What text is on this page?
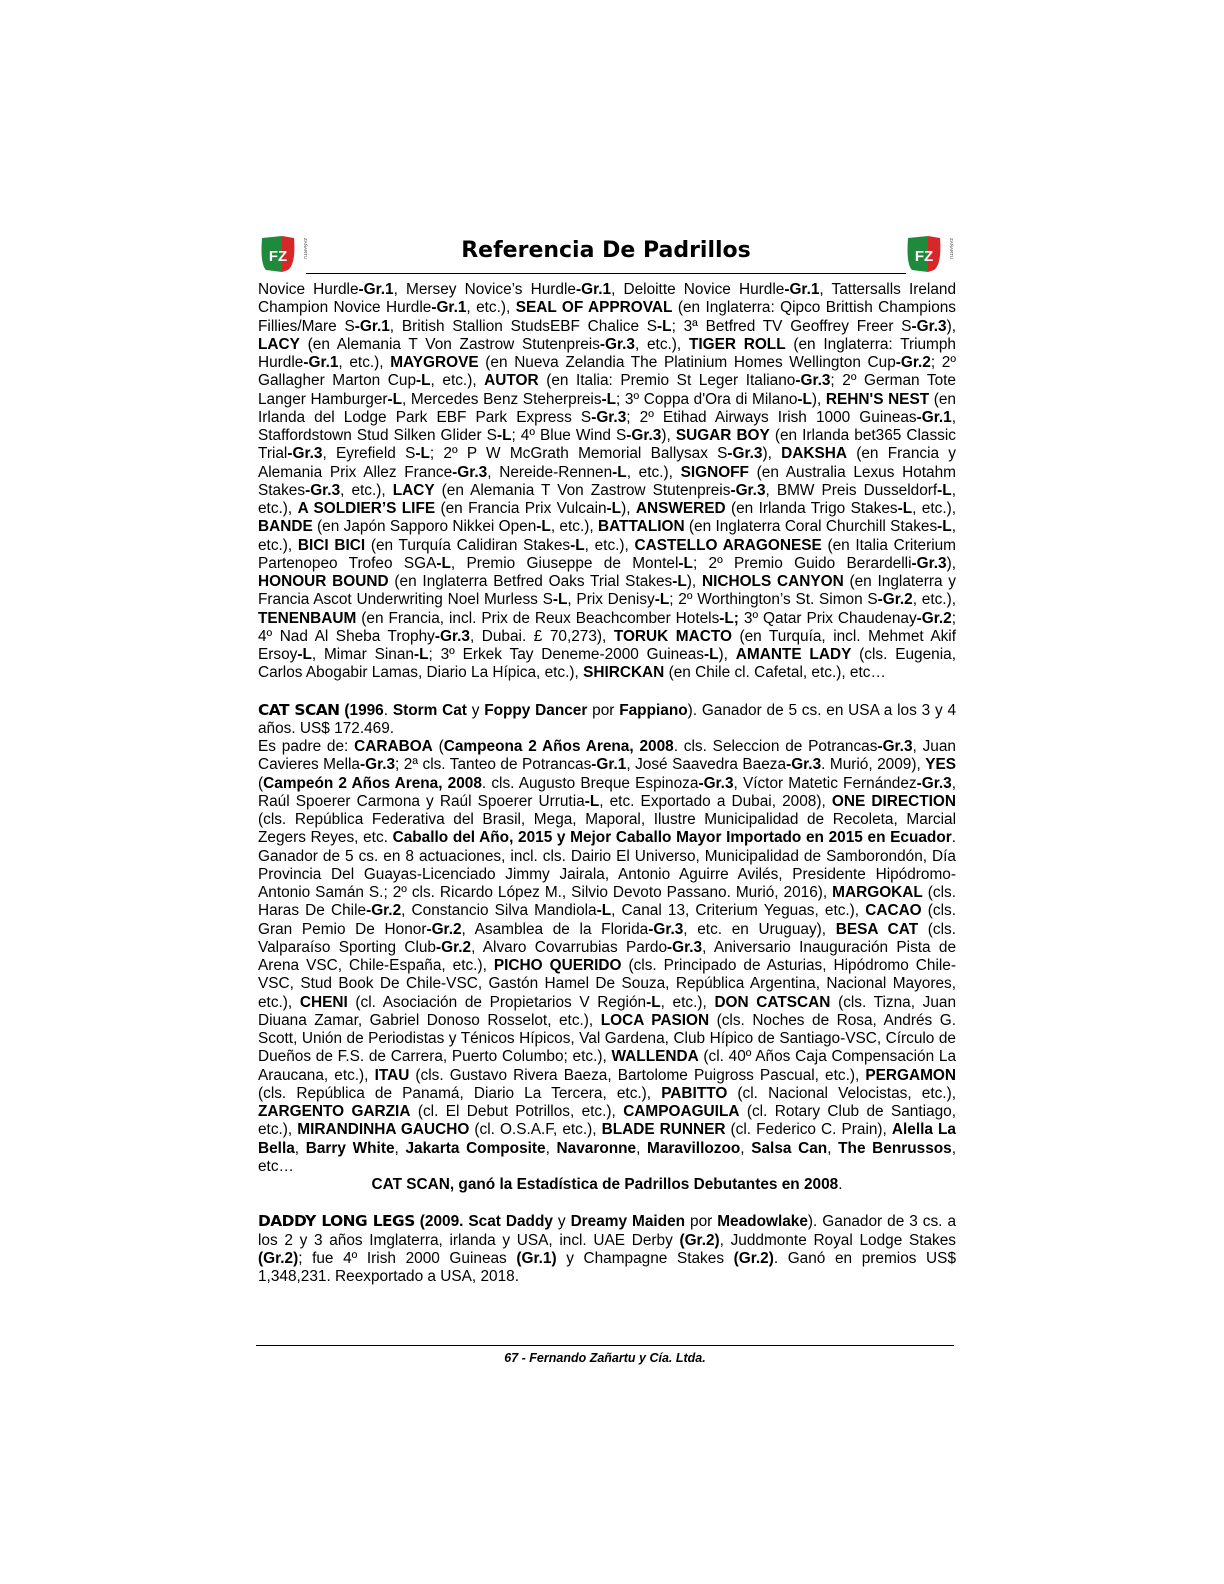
FZ	ZAÑARTU	Referencia De Padrillos	FZ	ZAÑARTU

Novice Hurdle-Gr.1, Mersey Novice’s Hurdle-Gr.1, Deloitte Novice Hurdle-Gr.1, Tattersalls Ireland Champion Novice Hurdle-Gr.1, etc.), SEAL OF APPROVAL (en Inglaterra: Qipco Brittish Champions Fillies/Mare S-Gr.1, British Stallion StudsEBF Chalice S-L; 3ª Betfred TV Geoffrey Freer S-Gr.3), LACY (en Alemania T Von Zastrow Stutenpreis-Gr.3, etc.), TIGER ROLL (en Inglaterra: Triumph Hurdle-Gr.1, etc.), MAYGROVE (en Nueva Zelandia The Platinium Homes Wellington Cup-Gr.2; 2º Gallagher Marton Cup-L, etc.), AUTOR (en Italia: Premio St Leger Italiano-Gr.3; 2º German Tote Langer Hamburger-L, Mercedes Benz Steherpreis-L; 3º Coppa d'Ora di Milano-L), REHN'S NEST (en Irlanda del Lodge Park EBF Park Express S-Gr.3; 2º Etihad Airways Irish 1000 Guineas-Gr.1, Staffordstown Stud Silken Glider S-L; 4º Blue Wind S-Gr.3), SUGAR BOY (en Irlanda bet365 Classic Trial-Gr.3, Eyrefield S-L; 2º P W McGrath Memorial Ballysax S-Gr.3), DAKSHA (en Francia y Alemania Prix Allez France-Gr.3, Nereide-Rennen-L, etc.), SIGNOFF (en Australia Lexus Hotahm Stakes-Gr.3, etc.), LACY (en Alemania T Von Zastrow Stutenpreis-Gr.3, BMW Preis Dusseldorf-L, etc.), A SOLDIER’S LIFE (en Francia Prix Vulcain-L), ANSWERED (en Irlanda Trigo Stakes-L, etc.), BANDE (en Japón Sapporo Nikkei Open-L, etc.), BATTALION (en Inglaterra Coral Churchill Stakes-L, etc.), BICI BICI (en Turquía Calidiran Stakes-L, etc.), CASTELLO ARAGONESE (en Italia Criterium Partenopeo Trofeo SGA-L, Premio Giuseppe de Montel-L; 2º Premio Guido Berardelli-Gr.3), HONOUR BOUND (en Inglaterra Betfred Oaks Trial Stakes-L), NICHOLS CANYON (en Inglaterra y Francia Ascot Underwriting Noel Murless S-L, Prix Denisy-L; 2º Worthington’s St. Simon S-Gr.2, etc.), TENENBAUM (en Francia, incl. Prix de Reux Beachcomber Hotels-L; 3º Qatar Prix Chaudenay-Gr.2; 4º Nad Al Sheba Trophy-Gr.3, Dubai. £ 70,273), TORUK MACTO (en Turquía, incl. Mehmet Akif Ersoy-L, Mimar Sinan-L; 3º Erkek Tay Deneme-2000 Guineas-L), AMANTE LADY (cls. Eugenia, Carlos Abogabir Lamas, Diario La Hípica, etc.), SHIRCKAN (en Chile cl. Cafetal, etc.), etc…

CAT SCAN (1996. Storm Cat y Foppy Dancer por Fappiano). Ganador de 5 cs. en USA a los 3 y 4 años. US$ 172.469.

Es padre de: CARABOA (Campeona 2 Años Arena, 2008. cls. Seleccion de Potrancas-Gr.3, Juan Cavieres Mella-Gr.3; 2ª cls. Tanteo de Potrancas-Gr.1, José Saavedra Baeza-Gr.3. Murió, 2009), YES (Campeón 2 Años Arena, 2008. cls. Augusto Breque Espinoza-Gr.3, Víctor Matetic Fernández-Gr.3, Raúl Spoerer Carmona y Raúl Spoerer Urrutia-L, etc. Exportado a Dubai, 2008), ONE DIRECTION (cls. República Federativa del Brasil, Mega, Maporal, Ilustre Municipalidad de Recoleta, Marcial Zegers Reyes, etc. Caballo del Año, 2015 y Mejor Caballo Mayor Importado en 2015 en Ecuador. Ganador de 5 cs. en 8 actuaciones, incl. cls. Dairio El Universo, Municipalidad de Samborondón, Día Provincia Del Guayas-Licenciado Jimmy Jairala, Antonio Aguirre Avilés, Presidente Hipódromo-Antonio Samán S.; 2º cls. Ricardo López M., Silvio Devoto Passano. Murió, 2016), MARGOKAL (cls. Haras De Chile-Gr.2, Constancio Silva Mandiola-L, Canal 13, Criterium Yeguas, etc.), CACAO (cls. Gran Pemio De Honor-Gr.2, Asamblea de la Florida-Gr.3, etc. en Uruguay), BESA CAT (cls. Valparaíso Sporting Club-Gr.2, Alvaro Covarrubias Pardo-Gr.3, Aniversario Inauguración Pista de Arena VSC, Chile-España, etc.), PICHO QUERIDO (cls. Principado de Asturias, Hipódromo Chile-VSC, Stud Book De Chile-VSC, Gastón Hamel De Souza, República Argentina, Nacional Mayores, etc.), CHENI (cl. Asociación de Propietarios V Región-L, etc.), DON CATSCAN (cls. Tizna, Juan Diuana Zamar, Gabriel Donoso Rosselot, etc.), LOCA PASION (cls. Noches de Rosa, Andrés G. Scott, Unión de Periodistas y Ténicos Hípicos, Val Gardena, Club Hípico de Santiago-VSC, Círculo de Dueños de F.S. de Carrera, Puerto Columbo; etc.), WALLENDA (cl. 40º Años Caja Compensación La Araucana, etc.), ITAU (cls. Gustavo Rivera Baeza, Bartolome Puigross Pascual, etc.), PERGAMON (cls. República de Panamá, Diario La Tercera, etc.), PABITTO (cl. Nacional Velocistas, etc.), ZARGENTO GARZIA (cl. El Debut Potrillos, etc.), CAMPOAGUILA (cl. Rotary Club de Santiago, etc.), MIRANDINHA GAUCHO (cl. O.S.A.F, etc.), BLADE RUNNER (cl. Federico C. Prain), Alella La Bella, Barry White, Jakarta Composite, Navaronne, Maravillozoo, Salsa Can, The Benrussos, etc…

CAT SCAN, ganó la Estadística de Padrillos Debutantes en 2008.

DADDY LONG LEGS (2009. Scat Daddy y Dreamy Maiden por Meadowlake). Ganador de 3 cs. a los 2 y 3 años Imglaterra, irlanda y USA, incl. UAE Derby (Gr.2), Juddmonte Royal Lodge Stakes (Gr.2); fue 4º Irish 2000 Guineas (Gr.1) y Champagne Stakes (Gr.2). Ganó en premios US$ 1,348,231. Reexportado a USA, 2018.

67 - Fernando Zañartu y Cía. Ltda.
